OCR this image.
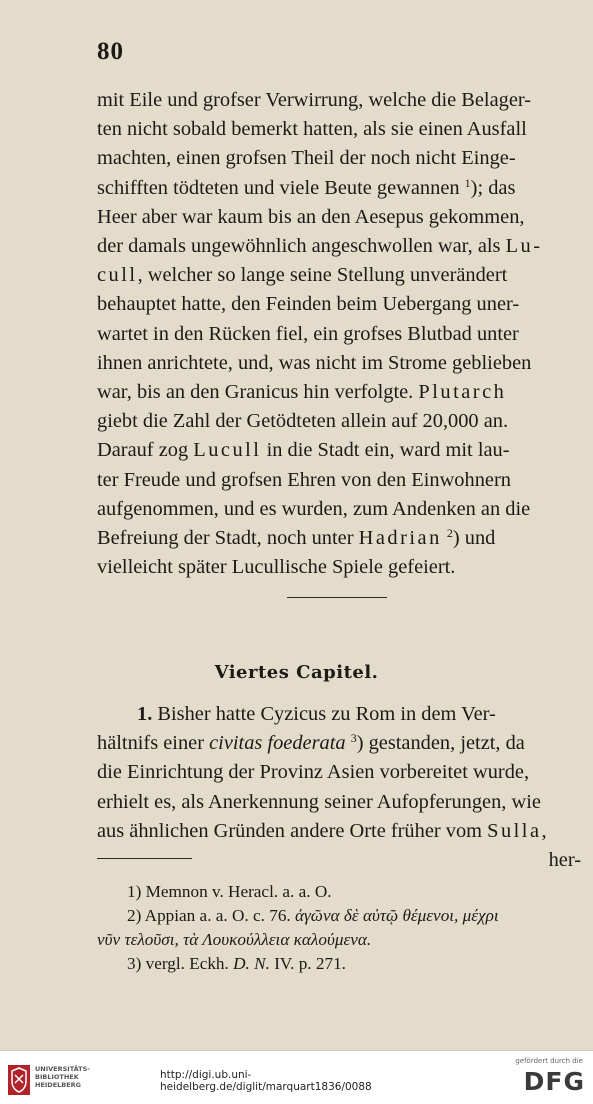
80
mit Eile und grofser Verwirrung, welche die Belager-
ten nicht sobald bemerkt hatten, als sie einen Ausfall
machten, einen grofsen Theil der noch nicht Einge-
schifften tödteten und viele Beute gewannen $^1$); das
Heer aber war kaum bis an den Aesepus gekommen,
der damals ungewöhnlich angeschwollen war, als Lu-
cull, welcher so lange seine Stellung unverändert
behauptet hatte, den Feinden beim Uebergang uner-
wartet in den Rücken fiel, ein grofses Blutbad unter
ihnen anrichtete, und, was nicht im Strome geblieben
war, bis an den Granicus hin verfolgte. Plutarch
giebt die Zahl der Getödteten allein auf 20,000 an.
Darauf zog Lucull in die Stadt ein, ward mit lau-
ter Freude und grofsen Ehren von den Einwohnern
aufgenommen, und es wurden, zum Andenken an die
Befreiung der Stadt, noch unter Hadrian $^2$) und
vielleicht später Lucullische Spiele gefeiert.
Viertes Capitel.
1. Bisher hatte Cyzicus zu Rom in dem Ver-
hältnifs einer civitas foederata $^3$) gestanden, jetzt, da
die Einrichtung der Provinz Asien vorbereitet wurde,
erhielt es, als Anerkennung seiner Aufopferungen, wie
aus ähnlichen Gründen andere Orte früher vom Sulla,
her-
1) Memnon v. Heracl. a. a. O.
2) Appian a. a. O. c. 76. ἀγῶνα δὲ αὐτῷ θέμενοι, μέχρι
νῦν τελοῦσι, τὰ Λουκούλλεια καλούμενα.
3) vergl. Eckh. D. N. IV. p. 271.
UNIVERSITÄTS-
BIBLIOTHEK
HEIDELBERG
http://digi.ub.uni-heidelberg.de/diglit/marquart1836/0088
gefördert durch die
DFG
